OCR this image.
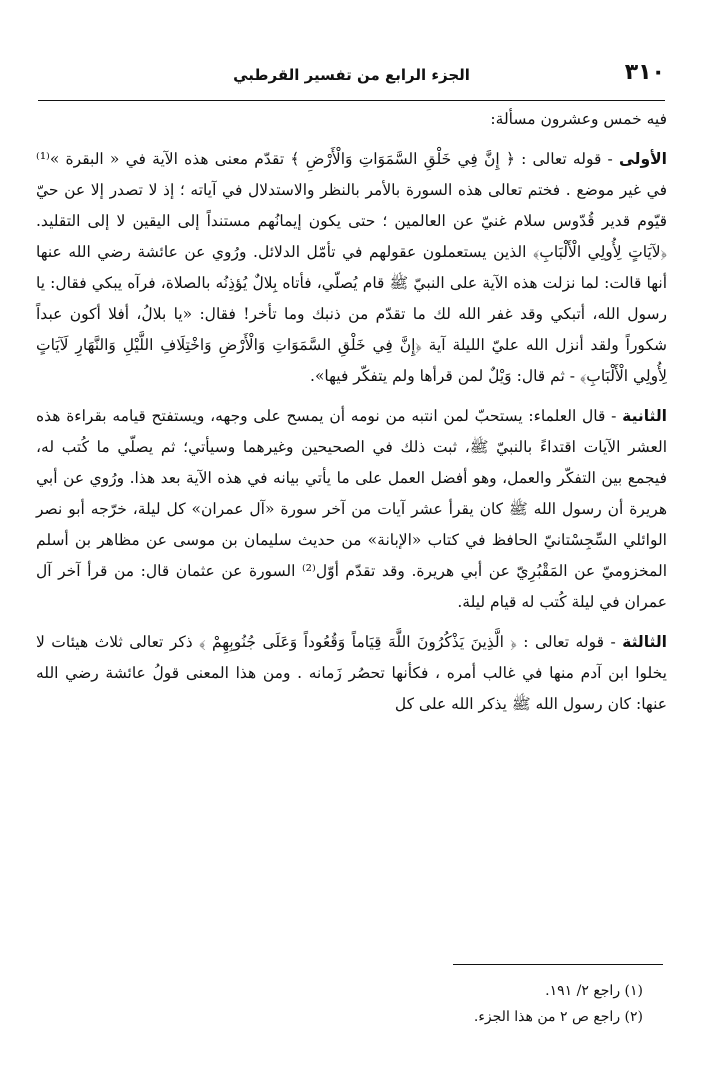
٣١٠
الجزء الرابع من تفسير القرطبي

فيه خمس وعشرون مسألة:

الأولى - قوله تعالى : ﴿ إِنَّ فِي خَلْقِ السَّمَوَاتِ وَالْأَرْضِ ﴾ تقدّم معنى هذه الآية في « البقرة »⁽¹⁾ في غير موضع . فختم تعالى هذه السورة بالأمر بالنظر والاستدلال في آياته ؛ إذ لا تصدر إلا عن حيّ قيّوم قدير قُدّوس سلام غنيّ عن العالمين ؛ حتى يكون إيمانُهم مستنداً إلى اليقين لا إلى التقليد. ﴿لآيَاتٍ لِأُولِي الْأَلْبَابِ﴾ الذين يستعملون عقولهم في تأمّل الدلائل. ورُوي عن عائشة رضي الله عنها أنها قالت: لما نزلت هذه الآية على النبيّ ﷺ قام يُصلّي، فأتاه بِلالٌ يُؤذِنُه بالصلاة، فرآه يبكي فقال: يا رسول الله، أتبكي وقد غفر الله لك ما تقدّم من ذنبك وما تأخر! فقال: «يا بلالُ، أفلا أكون عبداً شكوراً ولقد أنزل الله عليّ الليلة آية ﴿إِنَّ فِي خَلْقِ السَّمَوَاتِ وَالْأَرْضِ وَاخْتِلَافِ اللَّيْلِ وَالنَّهَارِ لَآيَاتٍ لِأُولِي الْأَلْبَابِ﴾ - ثم قال: وَيْلٌ لمن قرأها ولم يتفكّر فيها».

الثانية - قال العلماء: يستحبّ لمن انتبه من نومه أن يمسح على وجهه، ويستفتح قيامه بقراءة هذه العشر الآيات اقتداءً بالنبيّ ﷺ، ثبت ذلك في الصحيحين وغيرهما وسيأتي؛ ثم يصلّي ما كُتب له، فيجمع بين التفكّر والعمل، وهو أفضل العمل على ما يأتي بيانه في هذه الآية بعد هذا. ورُوي عن أبي هريرة أن رسول الله ﷺ كان يقرأ عشر آيات من آخر سورة «آل عمران» كل ليلة، خرّجه أبو نصر الوائلي السِّجِسْتانيّ الحافظ في كتاب «الإبانة» من حديث سليمان بن موسى عن مظاهر بن أسلم المخزوميّ عن المَقْبُرِيّ عن أبي هريرة. وقد تقدّم أوّل⁽²⁾ السورة عن عثمان قال: من قرأ آخر آل عمران في ليلة كُتب له قيام ليلة.

الثالثة - قوله تعالى : ﴿ الَّذِينَ يَذْكُرُونَ اللَّهَ قِيَاماً وَقُعُوداً وَعَلَى جُنُوبِهِمْ ﴾ ذكر تعالى ثلاث هيئات لا يخلوا ابن آدم منها في غالب أمره ، فكأنها تحصُر زَمانه . ومن هذا المعنى قولُ عائشة رضي الله عنها: كان رسول الله ﷺ يذكر الله على كل

(١) راجع ٢/ ١٩١.
(٢) راجع ص ٢ من هذا الجزء.
